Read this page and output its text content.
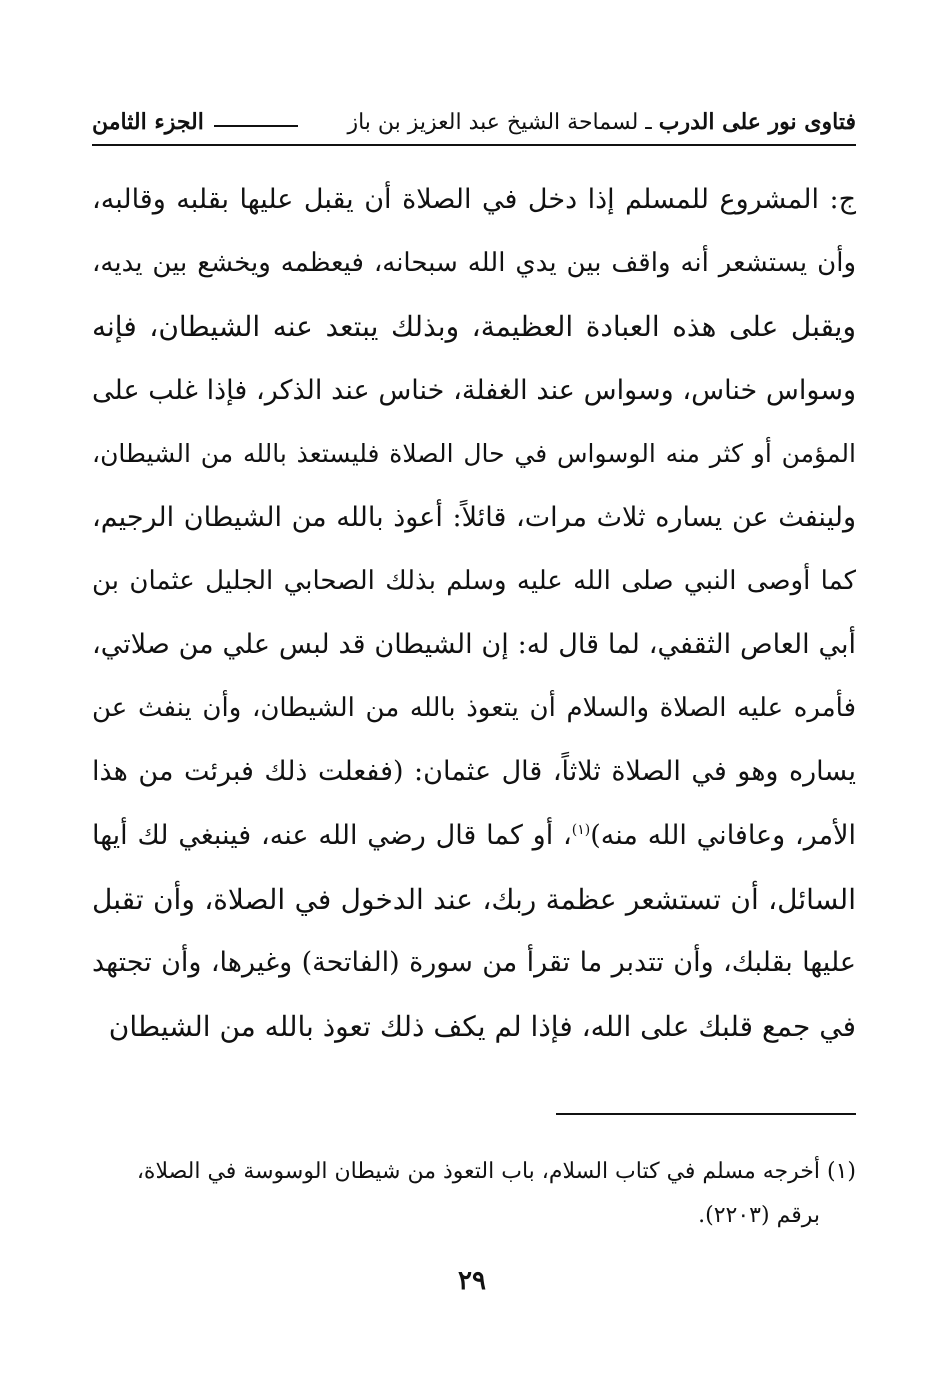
فتاوى نور على الدرب ـ لسماحة الشيخ عبد العزيز بن باز
الجزء الثامن
ج: المشروع للمسلم إذا دخل في الصلاة أن يقبل عليها بقلبه وقالبه،
وأن يستشعر أنه واقف بين يدي الله سبحانه، فيعظمه ويخشع بين يديه،
ويقبل على هذه العبادة العظيمة، وبذلك يبتعد عنه الشيطان، فإنه
وسواس خناس، وسواس عند الغفلة، خناس عند الذكر، فإذا غلب على
المؤمن أو كثر منه الوسواس في حال الصلاة فليستعذ بالله من الشيطان،
ولينفث عن يساره ثلاث مرات، قائلاً: أعوذ بالله من الشيطان الرجيم،
كما أوصى النبي صلى الله عليه وسلم بذلك الصحابي الجليل عثمان بن
أبي العاص الثقفي، لما قال له: إن الشيطان قد لبس علي من صلاتي،
فأمره عليه الصلاة والسلام أن يتعوذ بالله من الشيطان، وأن ينفث عن
يساره وهو في الصلاة ثلاثاً، قال عثمان: (ففعلت ذلك فبرئت من هذا
الأمر، وعافاني الله منه)$^{(١)}$، أو كما قال رضي الله عنه، فينبغي لك أيها
السائل، أن تستشعر عظمة ربك، عند الدخول في الصلاة، وأن تقبل
عليها بقلبك، وأن تتدبر ما تقرأ من سورة (الفاتحة) وغيرها، وأن تجتهد
في جمع قلبك على الله، فإذا لم يكف ذلك تعوذ بالله من الشيطان
(١) أخرجه مسلم في كتاب السلام، باب التعوذ من شيطان الوسوسة في الصلاة،
برقم (٢٢٠٣).
٢٩
